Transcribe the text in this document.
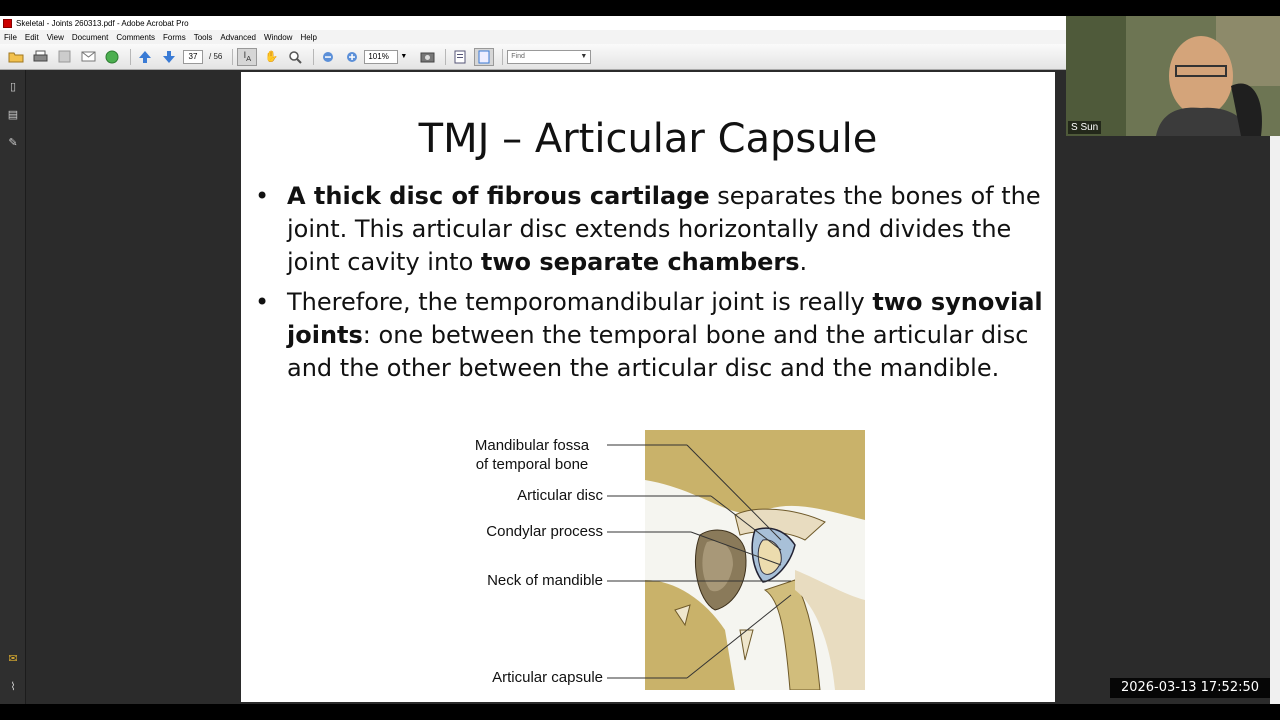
Skeletal - Joints 260313.pdf - Adobe Acrobat Pro
File	Edit	View	Document	Comments	Forms	Tools	Advanced	Window	Help
37	/ 56 $I_A$ ✋	101%	▼	Find	▼
▯
▤
✎
✉
⌇
TMJ – Articular Capsule
• A thick disc of fibrous cartilage separates the bones of the joint. This articular disc extends horizontally and divides the joint cavity into two separate chambers.
• Therefore, the temporomandibular joint is really two synovial joints: one between the temporal bone and the articular disc and the other between the articular disc and the mandible.
Mandibular fossa
of temporal bone
Articular disc
Condylar process
Neck of mandible
Articular capsule
S Sun
2026-03-13 17:52:50
